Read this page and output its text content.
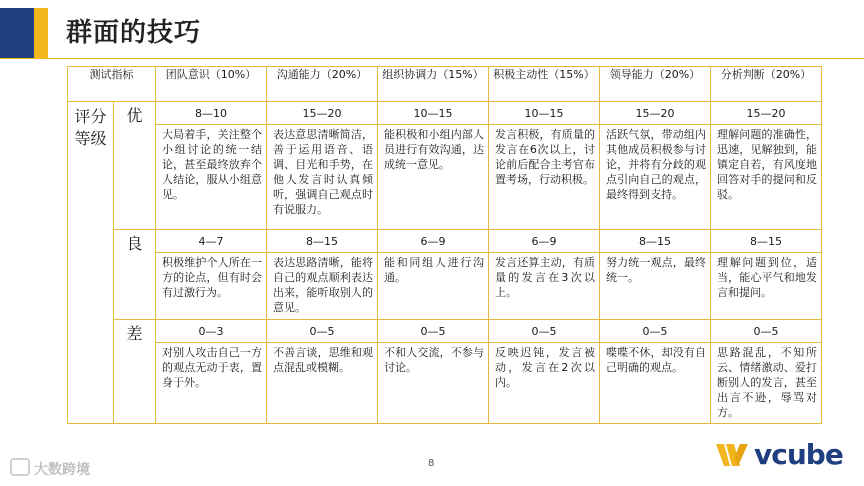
群面的技巧
测试指标		团队意识（10%）	沟通能力（20%）	组织协调力（15%）	积极主动性（15%）	领导能力（20%）	分析判断（20%）
评分等级	优	8—10	15—20	10—15	10—15	15—20	15—20
		大局着手，关注整个小组讨论的统一结论，甚至最终放弃个人结论，服从小组意见。	表达意思清晰简洁，善于运用语音、语调、目光和手势，在他人发言时认真倾听，强调自己观点时有说服力。	能积极和小组内部人员进行有效沟通，达成统一意见。	发言积极，有质量的发言在6次以上，讨论前后配合主考官布置考场，行动积极。	活跃气氛，带动组内其他成员积极参与讨论，并将有分歧的观点引向自己的观点，最终得到支持。	理解问题的准确性，迅速，见解独到，能镇定自若，有风度地回答对手的提问和反驳。
	良	4—7	8—15	6—9	6—9	8—15	8—15
		积极维护个人所在一方的论点，但有时会有过激行为。	表达思路清晰，能将自己的观点顺利表达出来，能听取别人的意见。	能和同组人进行沟通。	发言还算主动，有质量的发言在3次以上。	努力统一观点，最终统一。	理解问题到位，适当，能心平气和地发言和提问。
	差	0—3	0—5	0—5	0—5	0—5	0—5
		对别人攻击自己一方的观点无动于衷，置身于外。	不善言谈，思维和观点混乱或模糊。	不和人交流，不参与讨论。	反映迟钝，发言被动，发言在2次以内。	喋喋不休，却没有自己明确的观点。	思路混乱，不知所云、情绪激动、爱打断别人的发言，甚至出言不逊，辱骂对方。
大数跨境	8	vcube
